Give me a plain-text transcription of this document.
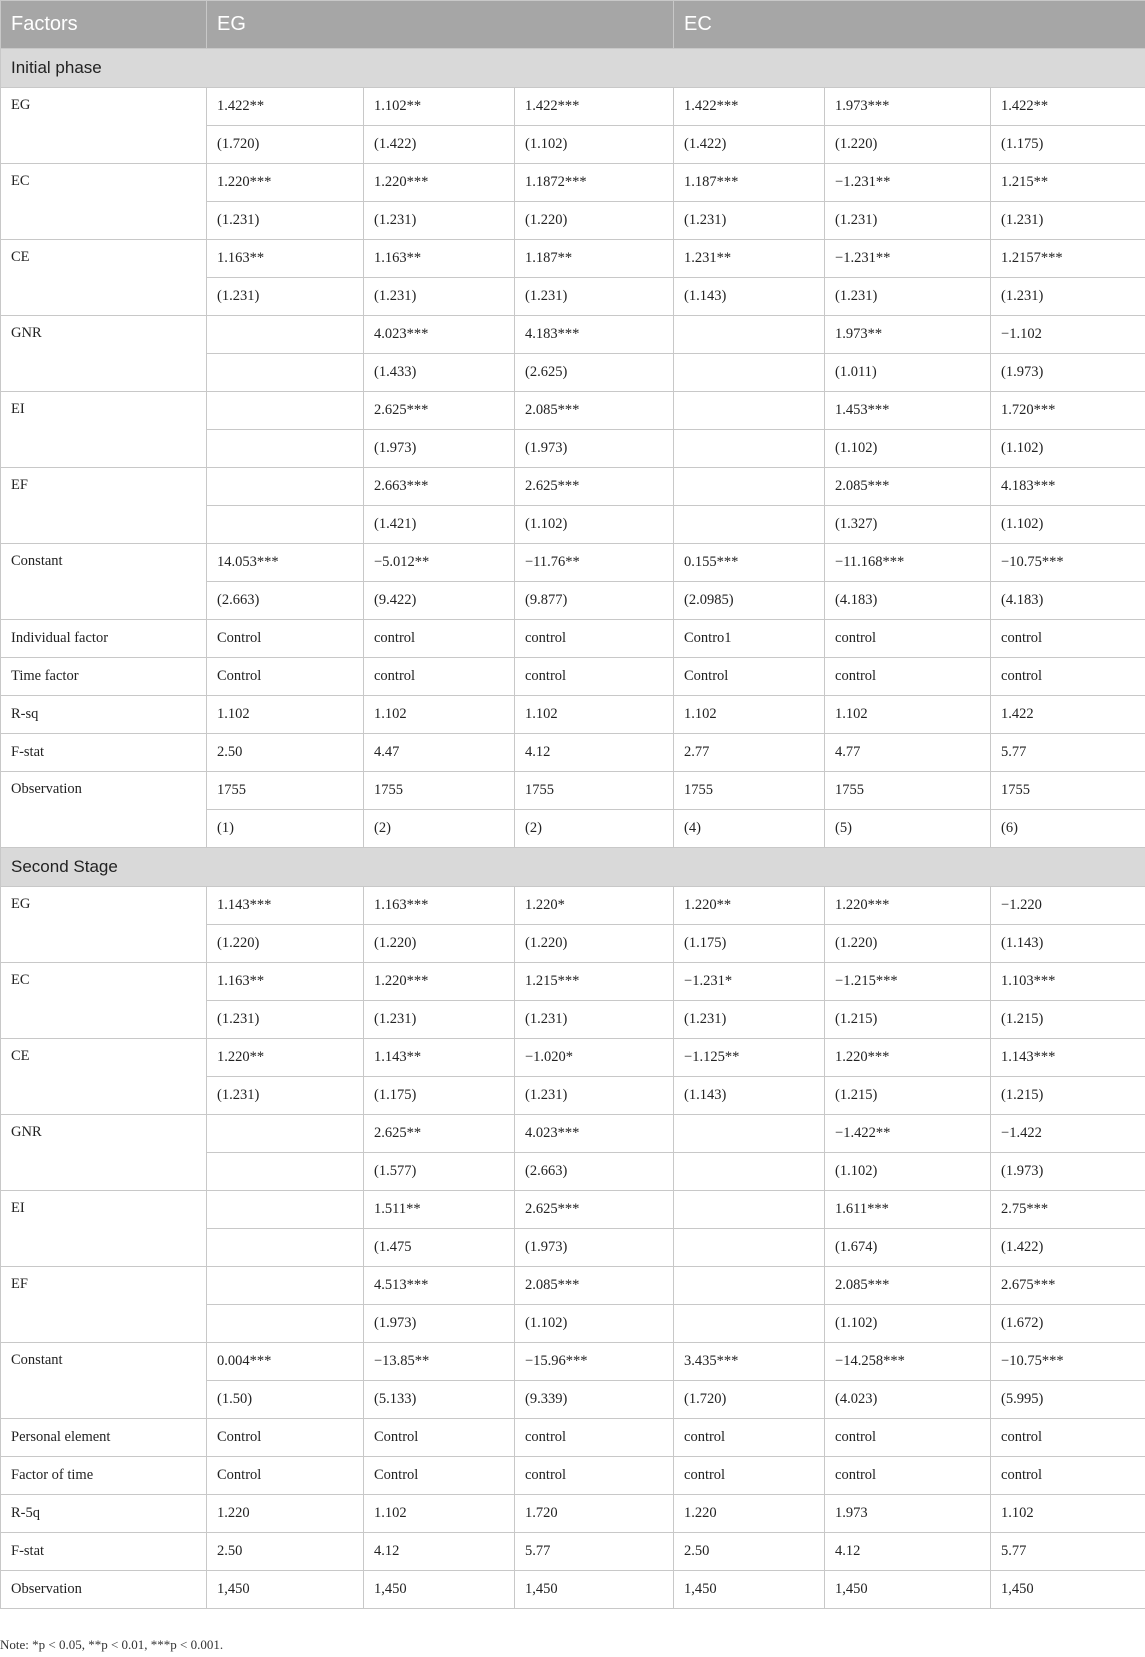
Factors	EG			EC		
Initial phase						
EG	1.422**	1.102**	1.422***	1.422***	1.973***	1.422**
	(1.720)	(1.422)	(1.102)	(1.422)	(1.220)	(1.175)
EC	1.220***	1.220***	1.1872***	1.187***	−1.231**	1.215**
	(1.231)	(1.231)	(1.220)	(1.231)	(1.231)	(1.231)
CE	1.163**	1.163**	1.187**	1.231**	−1.231**	1.2157***
	(1.231)	(1.231)	(1.231)	(1.143)	(1.231)	(1.231)
GNR		4.023***	4.183***		1.973**	−1.102
		(1.433)	(2.625)		(1.011)	(1.973)
EI		2.625***	2.085***		1.453***	1.720***
		(1.973)	(1.973)		(1.102)	(1.102)
EF		2.663***	2.625***		2.085***	4.183***
		(1.421)	(1.102)		(1.327)	(1.102)
Constant	14.053***	−5.012**	−11.76**	0.155***	−11.168***	−10.75***
	(2.663)	(9.422)	(9.877)	(2.0985)	(4.183)	(4.183)
Individual factor	Control	control	control	Contro1	control	control
Time factor	Control	control	control	Control	control	control
R-sq	1.102	1.102	1.102	1.102	1.102	1.422
F-stat	2.50	4.47	4.12	2.77	4.77	5.77
Observation	1755	1755	1755	1755	1755	1755
	(1)	(2)	(2)	(4)	(5)	(6)
Second Stage						
EG	1.143***	1.163***	1.220*	1.220**	1.220***	−1.220
	(1.220)	(1.220)	(1.220)	(1.175)	(1.220)	(1.143)
EC	1.163**	1.220***	1.215***	−1.231*	−1.215***	1.103***
	(1.231)	(1.231)	(1.231)	(1.231)	(1.215)	(1.215)
CE	1.220**	1.143**	−1.020*	−1.125**	1.220***	1.143***
	(1.231)	(1.175)	(1.231)	(1.143)	(1.215)	(1.215)
GNR		2.625**	4.023***		−1.422**	−1.422
		(1.577)	(2.663)		(1.102)	(1.973)
EI		1.511**	2.625***		1.611***	2.75***
		(1.475	(1.973)		(1.674)	(1.422)
EF		4.513***	2.085***		2.085***	2.675***
		(1.973)	(1.102)		(1.102)	(1.672)
Constant	0.004***	−13.85**	−15.96***	3.435***	−14.258***	−10.75***
	(1.50)	(5.133)	(9.339)	(1.720)	(4.023)	(5.995)
Personal element	Control	Control	control	control	control	control
Factor of time	Control	Control	control	control	control	control
R-5q	1.220	1.102	1.720	1.220	1.973	1.102
F-stat	2.50	4.12	5.77	2.50	4.12	5.77
Observation	1,450	1,450	1,450	1,450	1,450	1,450
Note: *p < 0.05, **p < 0.01, ***p < 0.001.
